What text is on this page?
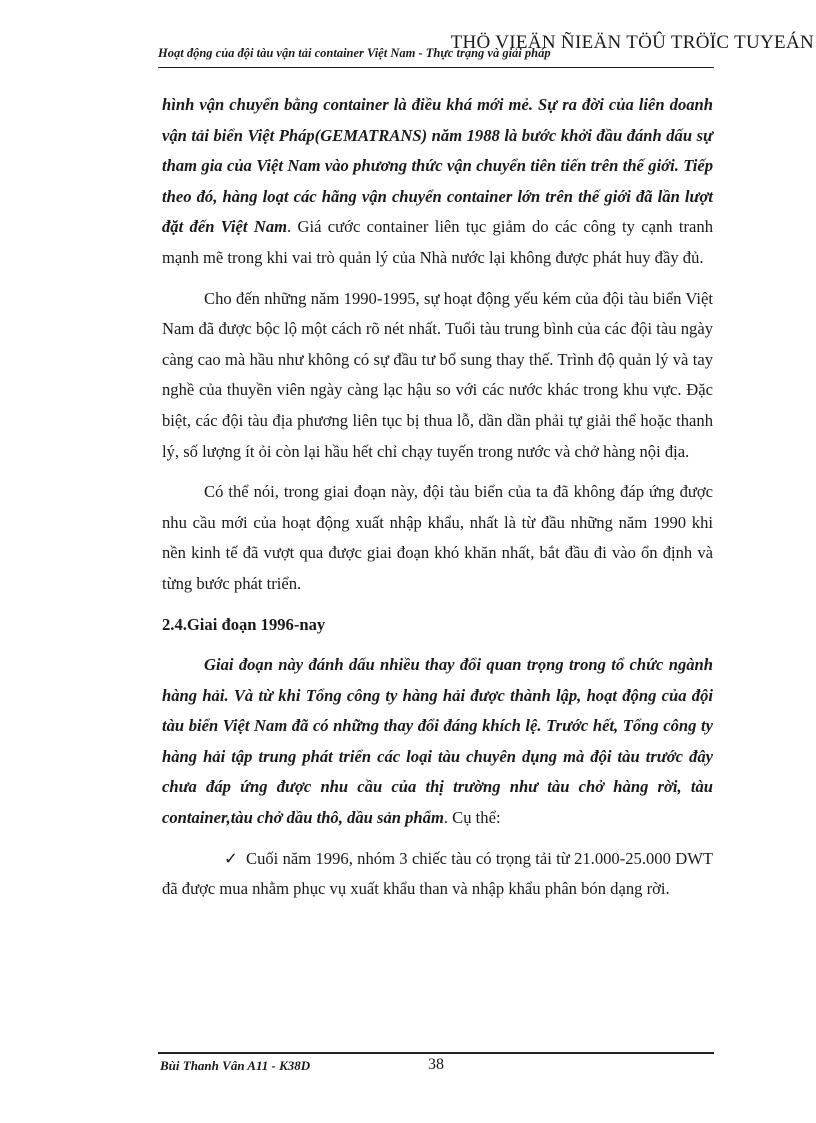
THÖ VIEÄN ÑIEÄN TÖÛ TRÖÏC TUYEÁN
Hoạt động của đội tàu vận tải container Việt Nam - Thực trạng và giải pháp

hình vận chuyển bằng container là điều khá mới mẻ. Sự ra đời của liên doanh vận tải biển Việt Pháp(GEMATRANS) năm 1988 là bước khởi đầu đánh dấu sự tham gia của Việt Nam vào phương thức vận chuyển tiên tiến trên thế giới. Tiếp theo đó, hàng loạt các hãng vận chuyển container lớn trên thế giới đã lần lượt đặt đến Việt Nam. Giá cước container liên tục giảm do các công ty cạnh tranh mạnh mẽ trong khi vai trò quản lý của Nhà nước lại không được phát huy đầy đủ.

Cho đến những năm 1990-1995, sự hoạt động yếu kém của đội tàu biển Việt Nam đã được bộc lộ một cách rõ nét nhất. Tuổi tàu trung bình của các đội tàu ngày càng cao mà hầu như không có sự đầu tư bổ sung thay thế. Trình độ quản lý và tay nghề của thuyền viên ngày càng lạc hậu so với các nước khác trong khu vực. Đặc biệt, các đội tàu địa phương liên tục bị thua lỗ, dần dần phải tự giải thể hoặc thanh lý, số lượng ít ỏi còn lại hầu hết chỉ chạy tuyến trong nước và chở hàng nội địa.

Có thể nói, trong giai đoạn này, đội tàu biển của ta đã không đáp ứng được nhu cầu mới của hoạt động xuất nhập khẩu, nhất là từ đầu những năm 1990 khi nền kinh tế đã vượt qua được giai đoạn khó khăn nhất, bắt đầu đi vào ổn định và từng bước phát triển.

2.4.Giai đoạn 1996-nay

Giai đoạn này đánh dấu nhiều thay đổi quan trọng trong tổ chức ngành hàng hải. Và từ khi Tổng công ty hàng hải được thành lập, hoạt động của đội tàu biển Việt Nam đã có những thay đổi đáng khích lệ. Trước hết, Tổng công ty hàng hải tập trung phát triển các loại tàu chuyên dụng mà đội tàu trước đây chưa đáp ứng được nhu cầu của thị trường như tàu chở hàng rời, tàu container,tàu chở dầu thô, dầu sản phẩm. Cụ thể:

✓ Cuối năm 1996, nhóm 3 chiếc tàu có trọng tải từ 21.000-25.000 DWT đã được mua nhằm phục vụ xuất khẩu than và nhập khẩu phân bón dạng rời.

Bùi Thanh Vân A11 - K38D	38
